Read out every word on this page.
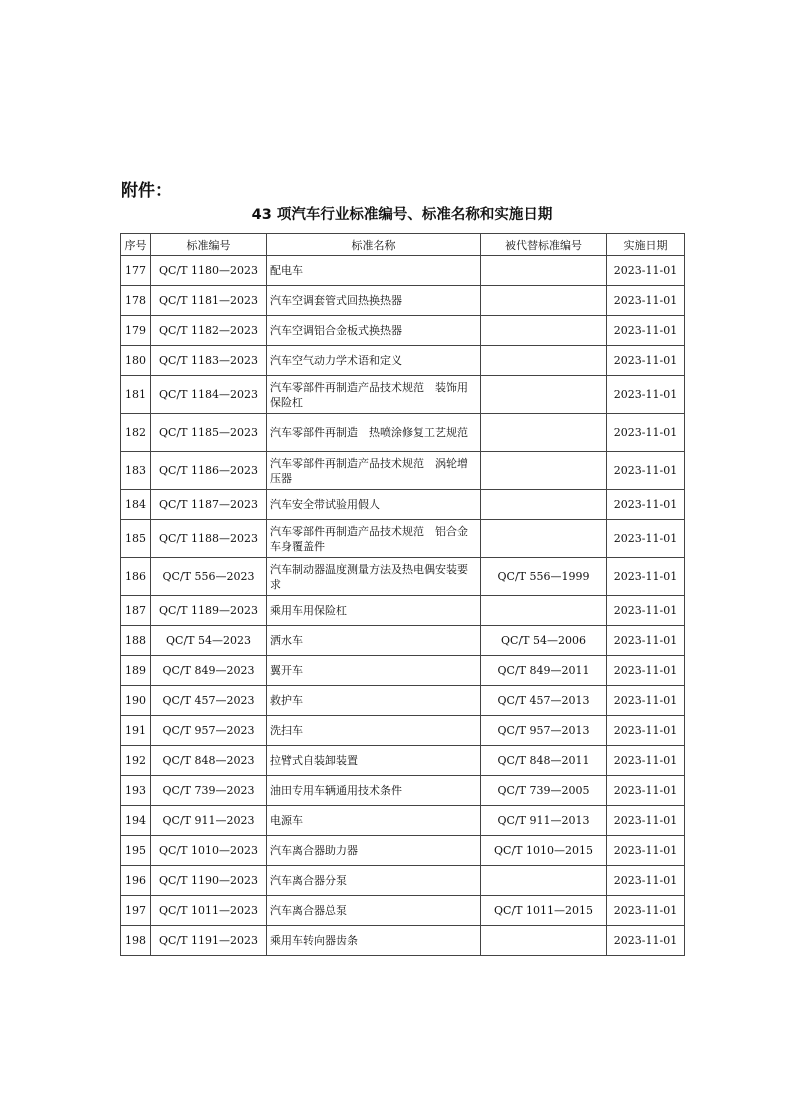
附件：
43 项汽车行业标准编号、标准名称和实施日期
序号	标准编号	标准名称	被代替标准编号	实施日期
177	QC/T 1180—2023	配电车		2023-11-01
178	QC/T 1181—2023	汽车空调套管式回热换热器		2023-11-01
179	QC/T 1182—2023	汽车空调铝合金板式换热器		2023-11-01
180	QC/T 1183—2023	汽车空气动力学术语和定义		2023-11-01
181	QC/T 1184—2023	汽车零部件再制造产品技术规范　装饰用保险杠		2023-11-01
182	QC/T 1185—2023	汽车零部件再制造　热喷涂修复工艺规范		2023-11-01
183	QC/T 1186—2023	汽车零部件再制造产品技术规范　涡轮增压器		2023-11-01
184	QC/T 1187—2023	汽车安全带试验用假人		2023-11-01
185	QC/T 1188—2023	汽车零部件再制造产品技术规范　铝合金车身覆盖件		2023-11-01
186	QC/T 556—2023	汽车制动器温度测量方法及热电偶安装要求	QC/T 556—1999	2023-11-01
187	QC/T 1189—2023	乘用车用保险杠		2023-11-01
188	QC/T 54—2023	洒水车	QC/T 54—2006	2023-11-01
189	QC/T 849—2023	翼开车	QC/T 849—2011	2023-11-01
190	QC/T 457—2023	救护车	QC/T 457—2013	2023-11-01
191	QC/T 957—2023	洗扫车	QC/T 957—2013	2023-11-01
192	QC/T 848—2023	拉臂式自装卸装置	QC/T 848—2011	2023-11-01
193	QC/T 739—2023	油田专用车辆通用技术条件	QC/T 739—2005	2023-11-01
194	QC/T 911—2023	电源车	QC/T 911—2013	2023-11-01
195	QC/T 1010—2023	汽车离合器助力器	QC/T 1010—2015	2023-11-01
196	QC/T 1190—2023	汽车离合器分泵		2023-11-01
197	QC/T 1011—2023	汽车离合器总泵	QC/T 1011—2015	2023-11-01
198	QC/T 1191—2023	乘用车转向器齿条		2023-11-01
